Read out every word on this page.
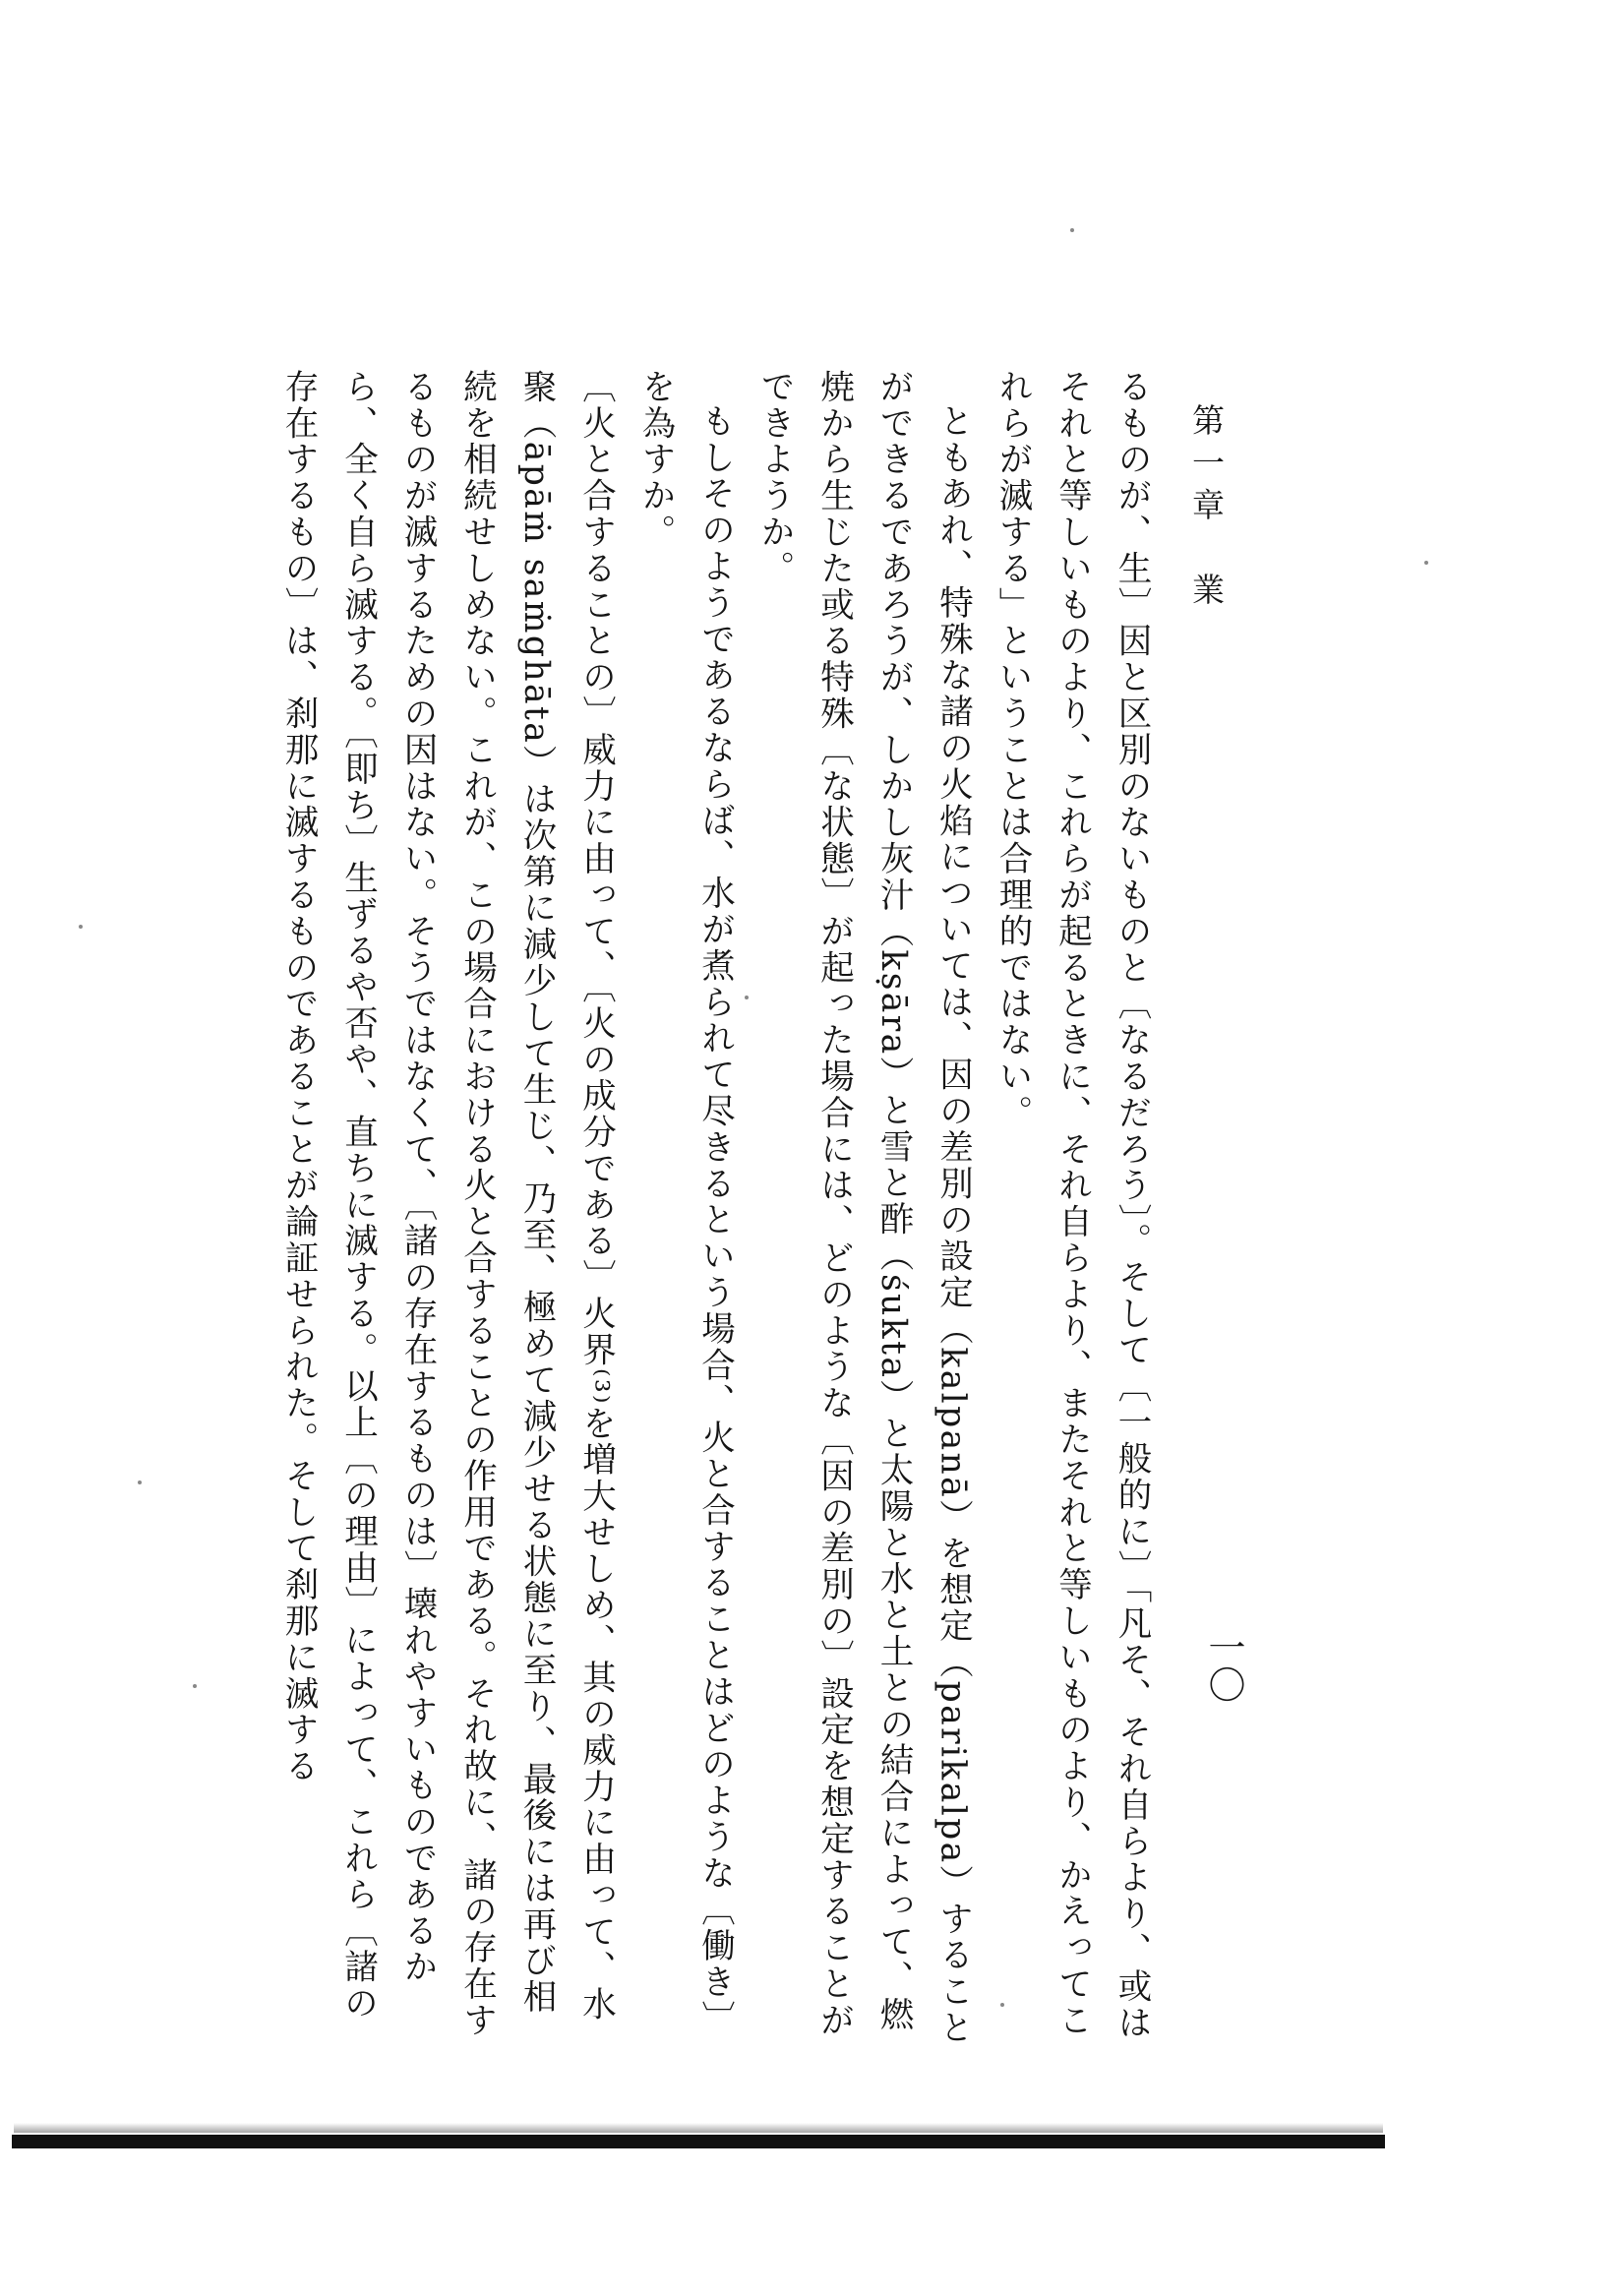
第一章　業
一〇

るものが、生〕因と区別のないものと〔なるだろう〕。そして〔一般的に〕「凡そ、それ自らより、或はそれと等しいものより、これらが起るときに、それ自らより、またそれと等しいものより、かえってこれらが滅する」ということは合理的ではない。

ともあれ、特殊な諸の火焰については、因の差別の設定（kalpanā）を想定（parikalpa）することができるであろうが、しかし灰汁（kṣāra）と雪と酢（śukta）と太陽と水と土との結合によって、燃焼から生じた或る特殊〔な状態〕が起った場合には、どのような〔因の差別の〕設定を想定することができようか。

もしそのようであるならば、水が煮られて尽きるという場合、火と合することはどのような〔働き〕を為すか。

〔火と合することの〕威力に由って、〔火の成分である〕火界⁽³⁾を増大せしめ、其の威力に由って、水聚（āpāṁ saṁghāta）は次第に減少して生じ、乃至、極めて減少せる状態に至り、最後には再び相続を相続せしめない。これが、この場合における火と合することの作用である。それ故に、諸の存在するものが滅するための因はない。そうではなくて、〔諸の存在するものは〕壊れやすいものであるから、全く自ら滅する。〔即ち〕生ずるや否や、直ちに滅する。以上〔の理由〕によって、これら〔諸の存在するもの〕は、刹那に滅するものであることが論証せられた。そして刹那に滅する
